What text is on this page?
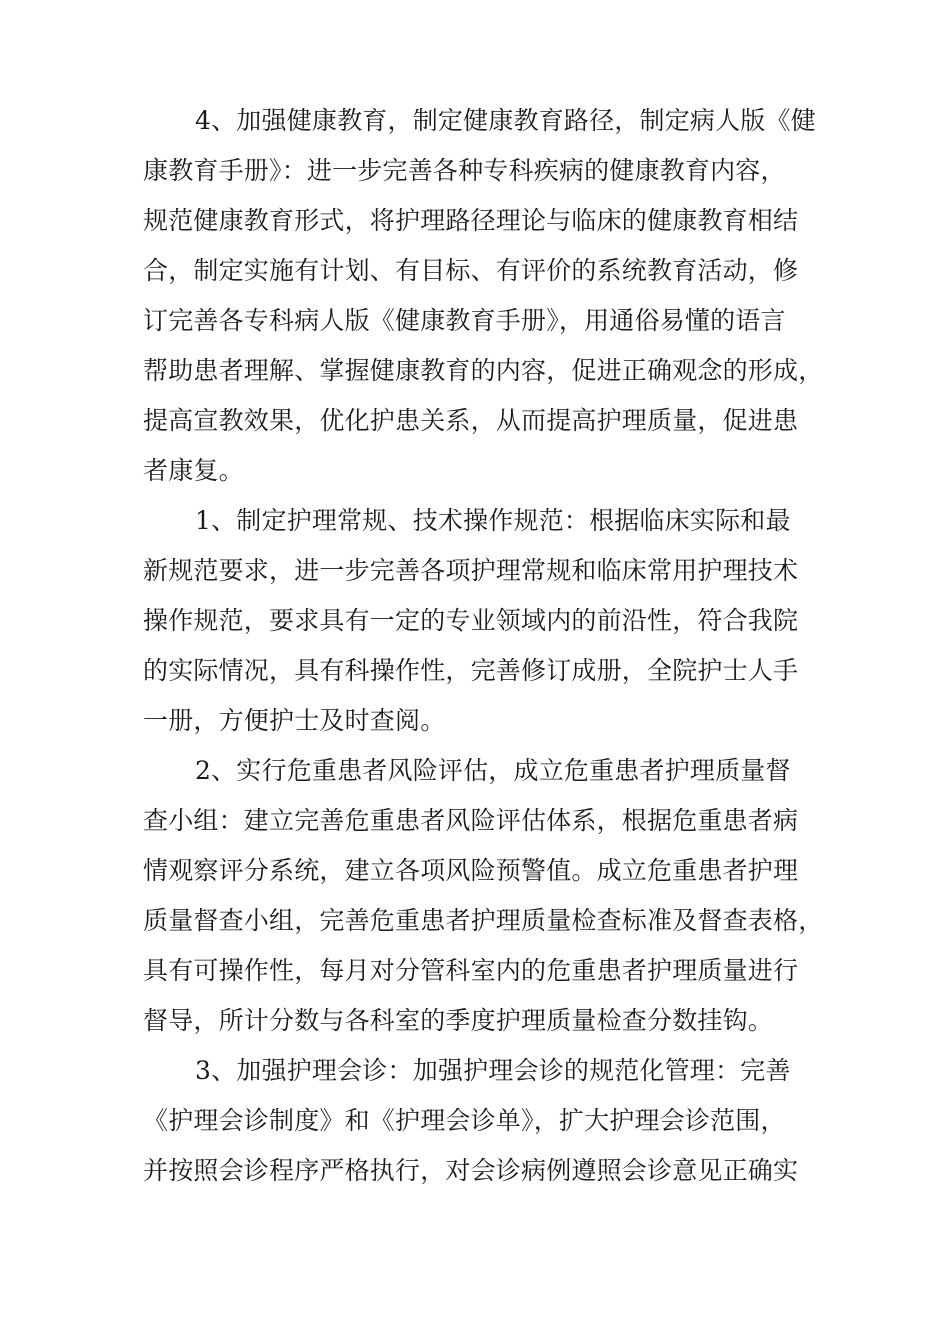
4、加强健康教育，制定健康教育路径，制定病人版《健
康教育手册》：进一步完善各种专科疾病的健康教育内容，
规范健康教育形式，将护理路径理论与临床的健康教育相结
合，制定实施有计划、有目标、有评价的系统教育活动，修
订完善各专科病人版《健康教育手册》，用通俗易懂的语言
帮助患者理解、掌握健康教育的内容，促进正确观念的形成，
提高宣教效果，优化护患关系，从而提高护理质量，促进患
者康复。
1、制定护理常规、技术操作规范：根据临床实际和最
新规范要求，进一步完善各项护理常规和临床常用护理技术
操作规范，要求具有一定的专业领域内的前沿性，符合我院
的实际情况，具有科操作性，完善修订成册，全院护士人手
一册，方便护士及时查阅。
2、实行危重患者风险评估，成立危重患者护理质量督
查小组：建立完善危重患者风险评估体系，根据危重患者病
情观察评分系统，建立各项风险预警值。成立危重患者护理
质量督查小组，完善危重患者护理质量检查标准及督查表格，
具有可操作性，每月对分管科室内的危重患者护理质量进行
督导，所计分数与各科室的季度护理质量检查分数挂钩。
3、加强护理会诊：加强护理会诊的规范化管理：完善
《护理会诊制度》和《护理会诊单》，扩大护理会诊范围，
并按照会诊程序严格执行，对会诊病例遵照会诊意见正确实
